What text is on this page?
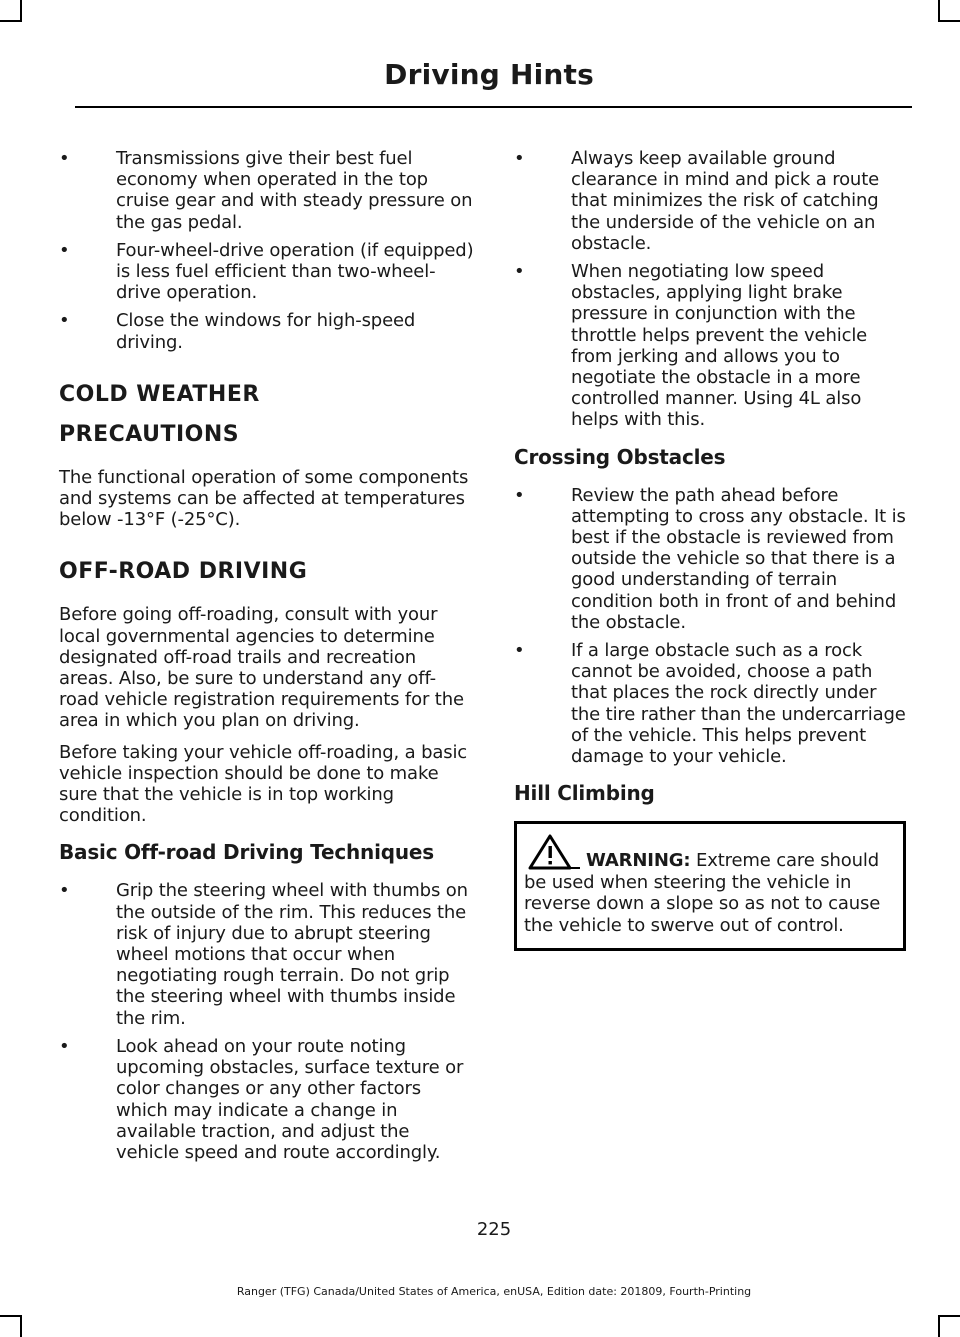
Driving Hints
Transmissions give their best fuel economy when operated in the top cruise gear and with steady pressure on the gas pedal.
Four-wheel-drive operation (if equipped) is less fuel efficient than two-wheel-drive operation.
Close the windows for high-speed driving.
COLD WEATHER
PRECAUTIONS

The functional operation of some components and systems can be affected at temperatures below -13°F (-25°C).

OFF-ROAD DRIVING

Before going off-roading, consult with your local governmental agencies to determine designated off-road trails and recreation areas. Also, be sure to understand any off-road vehicle registration requirements for the area in which you plan on driving.

Before taking your vehicle off-roading, a basic vehicle inspection should be done to make sure that the vehicle is in top working condition.

Basic Off-road Driving Techniques
Grip the steering wheel with thumbs on the outside of the rim. This reduces the risk of injury due to abrupt steering wheel motions that occur when negotiating rough terrain. Do not grip the steering wheel with thumbs inside the rim.
Look ahead on your route noting upcoming obstacles, surface texture or color changes or any other factors which may indicate a change in available traction, and adjust the vehicle speed and route accordingly.
Always keep available ground clearance in mind and pick a route that minimizes the risk of catching the underside of the vehicle on an obstacle.
When negotiating low speed obstacles, applying light brake pressure in conjunction with the throttle helps prevent the vehicle from jerking and allows you to negotiate the obstacle in a more controlled manner. Using 4L also helps with this.
Crossing Obstacles
Review the path ahead before attempting to cross any obstacle. It is best if the obstacle is reviewed from outside the vehicle so that there is a good understanding of terrain condition both in front of and behind the obstacle.
If a large obstacle such as a rock cannot be avoided, choose a path that places the rock directly under the tire rather than the undercarriage of the vehicle. This helps prevent damage to your vehicle.
Hill Climbing
WARNING: Extreme care should be used when steering the vehicle in reverse down a slope so as not to cause the vehicle to swerve out of control.
225
Ranger (TFG) Canada/United States of America, enUSA, Edition date: 201809, Fourth-Printing
